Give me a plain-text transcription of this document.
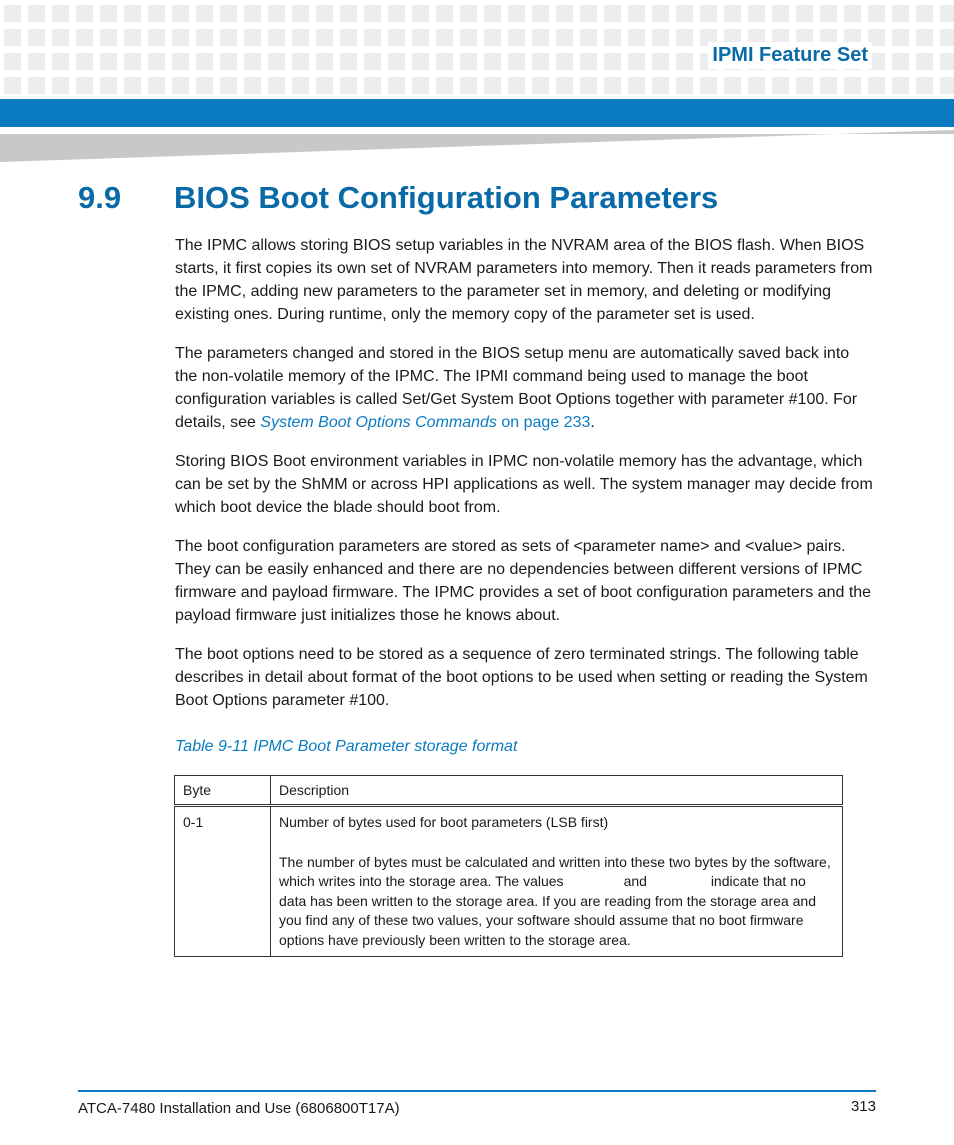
IPMI Feature Set
9.9 BIOS Boot Configuration Parameters

The IPMC allows storing BIOS setup variables in the NVRAM area of the BIOS flash. When BIOS starts, it first copies its own set of NVRAM parameters into memory. Then it reads parameters from the IPMC, adding new parameters to the parameter set in memory, and deleting or modifying existing ones. During runtime, only the memory copy of the parameter set is used.

The parameters changed and stored in the BIOS setup menu are automatically saved back into the non-volatile memory of the IPMC. The IPMI command being used to manage the boot configuration variables is called Set/Get System Boot Options together with parameter #100. For details, see System Boot Options Commands on page 233.

Storing BIOS Boot environment variables in IPMC non-volatile memory has the advantage, which can be set by the ShMM or across HPI applications as well. The system manager may decide from which boot device the blade should boot from.

The boot configuration parameters are stored as sets of <parameter name> and <value> pairs. They can be easily enhanced and there are no dependencies between different versions of IPMC firmware and payload firmware. The IPMC provides a set of boot configuration parameters and the payload firmware just initializes those he knows about.

The boot options need to be stored as a sequence of zero terminated strings. The following table describes in detail about format of the boot options to be used when setting or reading the System Boot Options parameter #100.

Table 9-11 IPMC Boot Parameter storage format
Byte	Description
0-1	Number of bytes used for boot parameters (LSB first)
The number of bytes must be calculated and written into these two bytes by the software, which writes into the storage area. The values and indicate that no data has been written to the storage area. If you are reading from the storage area and you find any of these two values, your software should assume that no boot firmware options have previously been written to the storage area.
ATCA-7480 Installation and Use (6806800T17A)	313
